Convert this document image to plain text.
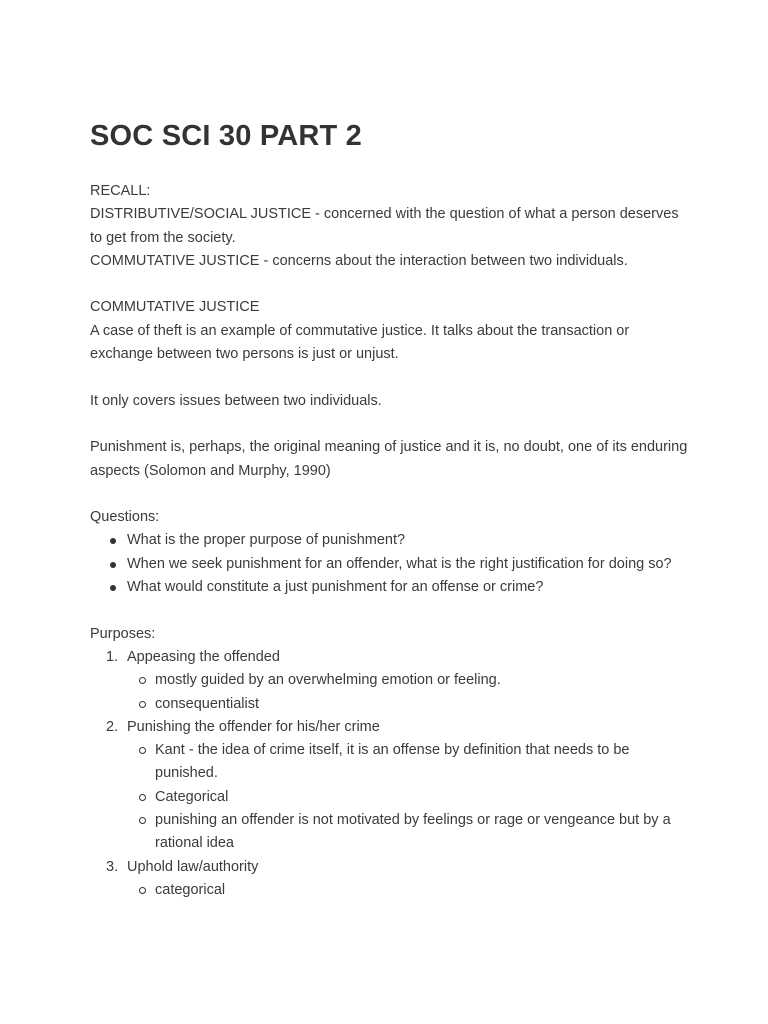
SOC SCI 30 PART 2

RECALL:

DISTRIBUTIVE/SOCIAL JUSTICE - concerned with the question of what a person deserves to get from the society.

COMMUTATIVE JUSTICE - concerns about the interaction between two individuals.

COMMUTATIVE JUSTICE

A case of theft is an example of commutative justice. It talks about the transaction or exchange between two persons is just or unjust.

It only covers issues between two individuals.

Punishment is, perhaps, the original meaning of justice and it is, no doubt, one of its enduring aspects (Solomon and Murphy, 1990)

Questions:

What is the proper purpose of punishment?
When we seek punishment for an offender, what is the right justification for doing so?
What would constitute a just punishment for an offense or crime?

Purposes:

1. Appeasing the offended
mostly guided by an overwhelming emotion or feeling.
consequentialist
2. Punishing the offender for his/her crime
Kant - the idea of crime itself, it is an offense by definition that needs to be punished.
Categorical
punishing an offender is not motivated by feelings or rage or vengeance but by a rational idea
3. Uphold law/authority
categorical
